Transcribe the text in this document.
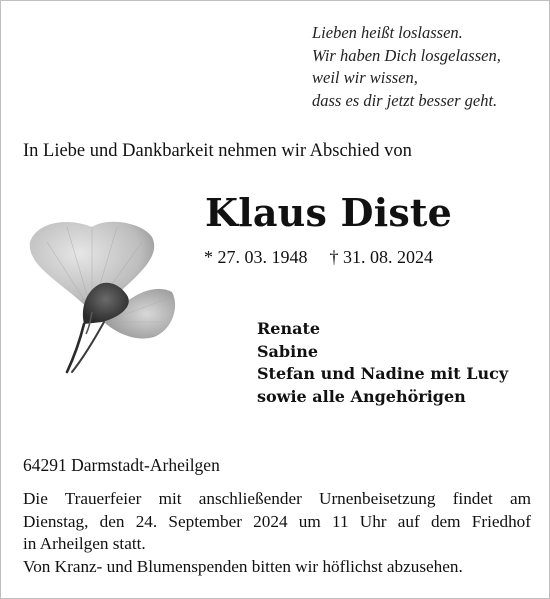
Lieben heißt loslassen.
Wir haben Dich losgelassen,
weil wir wissen,
dass es dir jetzt besser geht.
In Liebe und Dankbarkeit nehmen wir Abschied von
Klaus Diste
* 27. 03. 1948 † 31. 08. 2024
Renate
Sabine
Stefan und Nadine mit Lucy
sowie alle Angehörigen
64291 Darmstadt-Arheilgen
Die Trauerfeier mit anschließender Urnenbeisetzung findet am
Dienstag, den 24. September 2024 um 11 Uhr auf dem Friedhof
in Arheilgen statt.
Von Kranz- und Blumenspenden bitten wir höflichst abzusehen.
